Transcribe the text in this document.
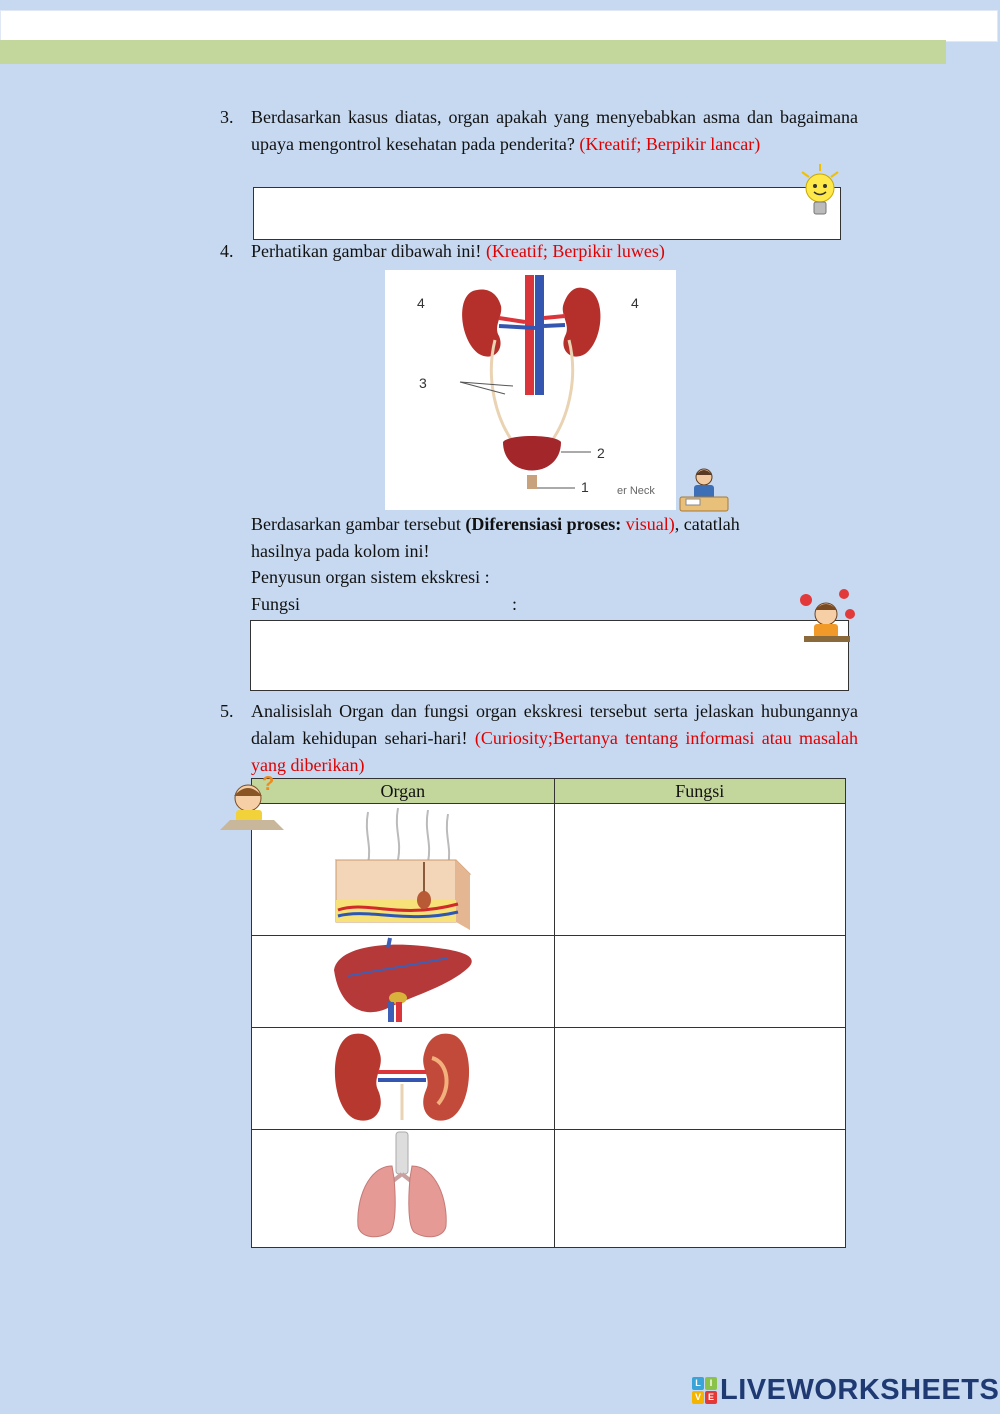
3. Berdasarkan kasus diatas, organ apakah yang menyebabkan asma dan bagaimana upaya mengontrol kesehatan pada penderita? (Kreatif; Berpikir lancar)
4. Perhatikan gambar dibawah ini! (Kreatif; Berpikir luwes)
4	4
3
2
1	er Neck
Berdasarkan gambar tersebut (Diferensiasi proses: visual), catatlah
hasilnya pada kolom ini!
Penyusun organ sistem ekskresi :
Fungsi	:
5. Analisislah Organ dan fungsi organ ekskresi tersebut serta jelaskan hubungannya dalam kehidupan sehari-hari! (Curiosity;Bertanya tentang informasi atau masalah yang diberikan)
Organ	Fungsi

?
L I
V E LIVEWORKSHEETS
